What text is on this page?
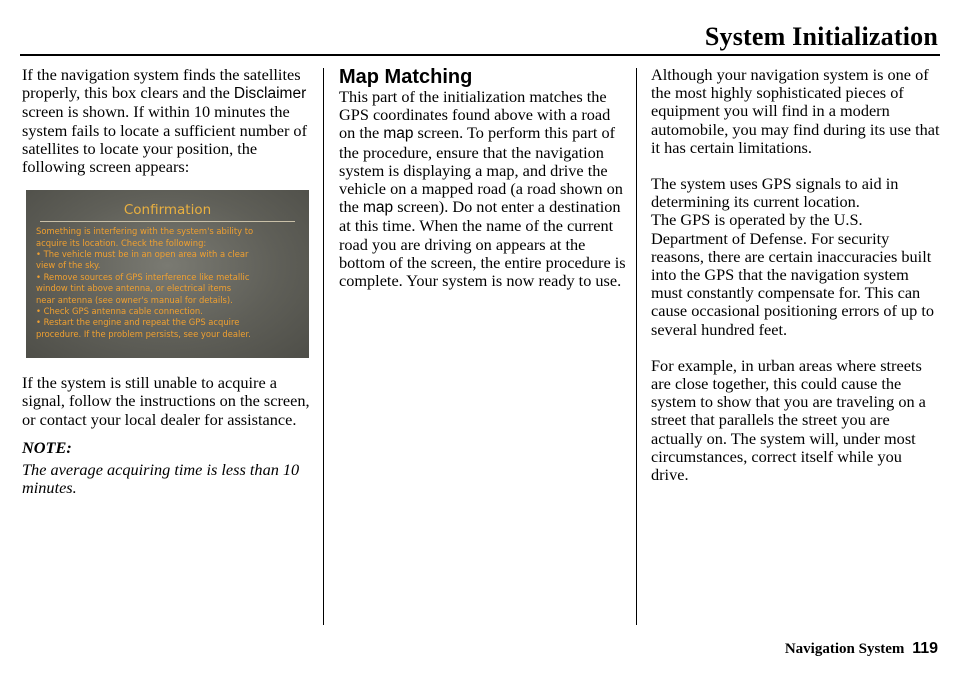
System Initialization

If the navigation system finds the satellites properly, this box clears and the Disclaimer screen is shown. If within 10 minutes the system fails to locate a sufficient number of satellites to locate your position, the following screen appears:

Confirmation
Something is interfering with the system's ability to
acquire its location. Check the following:
• The vehicle must be in an open area with a clear
view of the sky.
• Remove sources of GPS interference like metallic
window tint above antenna, or electrical items
near antenna (see owner's manual for details).
• Check GPS antenna cable connection.
• Restart the engine and repeat the GPS acquire
procedure. If the problem persists, see your dealer.

If the system is still unable to acquire a signal, follow the instructions on the screen, or contact your local dealer for assistance.

NOTE:

The average acquiring time is less than 10 minutes.

Map Matching

This part of the initialization matches the GPS coordinates found above with a road on the map screen. To perform this part of the procedure, ensure that the navigation system is displaying a map, and drive the vehicle on a mapped road (a road shown on the map screen). Do not enter a destination at this time. When the name of the current road you are driving on appears at the bottom of the screen, the entire procedure is complete. Your system is now ready to use.

Although your navigation system is one of the most highly sophisticated pieces of equipment you will find in a modern automobile, you may find during its use that it has certain limitations.

The system uses GPS signals to aid in determining its current location.

The GPS is operated by the U.S. Department of Defense. For security reasons, there are certain inaccuracies built into the GPS that the navigation system must constantly compensate for. This can cause occasional positioning errors of up to several hundred feet.

For example, in urban areas where streets are close together, this could cause the system to show that you are traveling on a street that parallels the street you are actually on. The system will, under most circumstances, correct itself while you drive.

Navigation System 119
